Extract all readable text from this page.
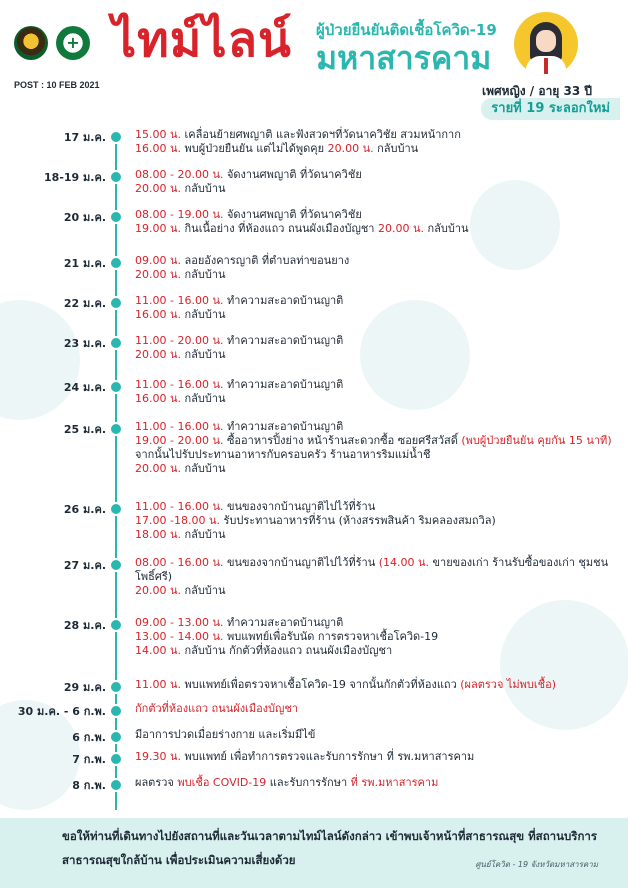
+
POST : 10 FEB 2021
ไทม์ไลน์ ผู้ป่วยยืนยันติดเชื้อโควิด-19
มหาสารคาม
เพศหญิง / อายุ 33 ปี
รายที่ 19 ระลอกใหม่
17 ม.ค.	15.00 น. เคลื่อนย้ายศพญาติ และฟังสวดฯที่วัดนาควิชัย สวมหน้ากาก
16.00 น. พบผู้ป่วยยืนยัน แต่ไม่ได้พูดคุย 20.00 น. กลับบ้าน
18-19 ม.ค.	08.00 - 20.00 น. จัดงานศพญาติ ที่วัดนาควิชัย
20.00 น. กลับบ้าน
20 ม.ค.	08.00 - 19.00 น. จัดงานศพญาติ ที่วัดนาควิชัย
19.00 น. กินเนื้อย่าง ที่ห้องแถว ถนนผังเมืองบัญชา 20.00 น. กลับบ้าน
21 ม.ค.	09.00 น. ลอยอังคารญาติ ที่ตำบลท่าขอนยาง
20.00 น. กลับบ้าน
22 ม.ค.	11.00 - 16.00 น. ทำความสะอาดบ้านญาติ
16.00 น. กลับบ้าน
23 ม.ค.	11.00 - 20.00 น. ทำความสะอาดบ้านญาติ
20.00 น. กลับบ้าน
24 ม.ค.	11.00 - 16.00 น. ทำความสะอาดบ้านญาติ
16.00 น. กลับบ้าน
25 ม.ค.	11.00 - 16.00 น. ทำความสะอาดบ้านญาติ
19.00 - 20.00 น. ซื้ออาหารปิ้งย่าง หน้าร้านสะดวกซื้อ ซอยศรีสวัสดิ์ (พบผู้ป่วยยืนยัน คุยกัน 15 นาที) จากนั้นไปรับประทานอาหารกับครอบครัว ร้านอาหารริมแม่น้ำชี
20.00 น. กลับบ้าน
26 ม.ค.	11.00 - 16.00 น. ขนของจากบ้านญาติไปไว้ที่ร้าน
17.00 -18.00 น. รับประทานอาหารที่ร้าน (ห้างสรรพสินค้า ริมคลองสมถวิล)
18.00 น. กลับบ้าน
27 ม.ค.	08.00 - 16.00 น. ขนของจากบ้านญาติไปไว้ที่ร้าน (14.00 น. ขายของเก่า ร้านรับซื้อของเก่า ชุมชนโพธิ์ศรี)
20.00 น. กลับบ้าน
28 ม.ค.	09.00 - 13.00 น. ทำความสะอาดบ้านญาติ
13.00 - 14.00 น. พบแพทย์เพื่อรับนัด การตรวจหาเชื้อโควิด-19
14.00 น. กลับบ้าน กักตัวที่ห้องแถว ถนนผังเมืองบัญชา
29 ม.ค.	11.00 น. พบแพทย์เพื่อตรวจหาเชื้อโควิด-19 จากนั้นกักตัวที่ห้องแถว (ผลตรวจ ไม่พบเชื้อ)
30 ม.ค. - 6 ก.พ.	กักตัวที่ห้องแถว ถนนผังเมืองบัญชา
6 ก.พ.	มีอาการปวดเมื่อยร่างกาย และเริ่มมีไข้
7 ก.พ.	19.30 น. พบแพทย์ เพื่อทำการตรวจและรับการรักษา ที่ รพ.มหาสารคาม
8 ก.พ.	ผลตรวจ พบเชื้อ COVID-19 และรับการรักษา ที่ รพ.มหาสารคาม
ขอให้ท่านที่เดินทางไปยังสถานที่และวันเวลาตามไทม์ไลน์ดังกล่าว เข้าพบเจ้าหน้าที่สาธารณสุข ที่สถานบริการ
สาธารณสุขใกล้บ้าน เพื่อประเมินความเสี่ยงด้วย	ศูนย์โควิด - 19 จังหวัดมหาสารคาม
